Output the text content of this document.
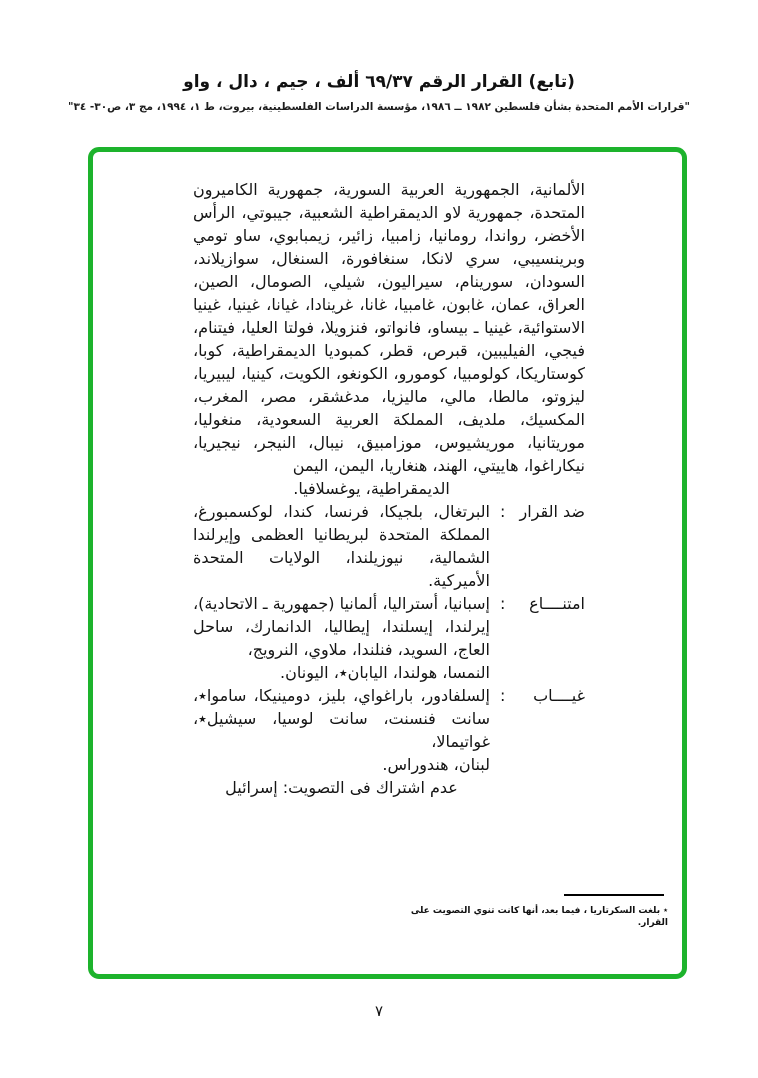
(تابع) القرار الرقم ٦٩/٣٧ ألف ، جيم ، دال ، واو
"قرارات الأمم المتحدة بشأن فلسطين ١٩٨٢ ــ ١٩٨٦، مؤسسة الدراسات الفلسطينية، بيروت، ط ١، ١٩٩٤، مج ٣، ص٣٠- ٣٤"

الألمانية، الجمهورية العربية السورية، جمهورية الكاميرون المتحدة، جمهورية لاو الديمقراطية الشعبية، جيبوتي، الرأس الأخضر، رواندا، رومانيا، زامبيا، زائير، زيمبابوي، ساو تومي وبرينسيبي، سري لانكا، سنغافورة، السنغال، سوازيلاند، السودان، سورينام، سيراليون، شيلي، الصومال، الصين، العراق، عمان، غابون، غامبيا، غانا، غرينادا، غيانا، غينيا، غينيا الاستوائية، غينيا ـ بيساو، فانواتو، فنزويلا، فولتا العليا، فيتنام، فيجي، الفيليبين، قبرص، قطر، كمبوديا الديمقراطية، كوبا، كوستاريكا، كولومبيا، كومورو، الكونغو، الكويت، كينيا، ليبيريا، ليزوتو، مالطا، مالي، ماليزيا، مدغشقر، مصر، المغرب، المكسيك، ملديف، المملكة العربية السعودية، منغوليا، موريتانيا، موريشيوس، موزامبيق، نيبال، النيجر، نيجيريا، نيكاراغوا، هاييتي، الهند، هنغاريا، اليمن، اليمن

الديمقراطية، يوغسلافيا.

ضد القرار
:
البرتغال، بلجيكا، فرنسا، كندا، لوكسمبورغ، المملكة المتحدة لبريطانيا العظمى وإيرلندا الشمالية، نيوزيلندا، الولايات المتحدة الأميركية.
امتنــــاع
:

إسبانيا، أستراليا، ألمانيا (جمهورية ـ الاتحادية)، إيرلندا، إيسلندا، إيطاليا، الدانمارك، ساحل العاج، السويد، فنلندا، ملاوي، النرويج،

النمسا، هولندا، اليابان٭، اليونان.

غيــــاب
:

إلسلفادور، باراغواي، بليز، دومينيكا، ساموا٭، سانت فنسنت، سانت لوسيا، سيشيل٭، غواتيمالا،

لبنان، هندوراس.

عدم اشتراك فى التصويت: إسرائيل

٭بلغت السكرتاريا ، فيما بعد، أنها كانت تنوي التصويت على القرار.
٧
